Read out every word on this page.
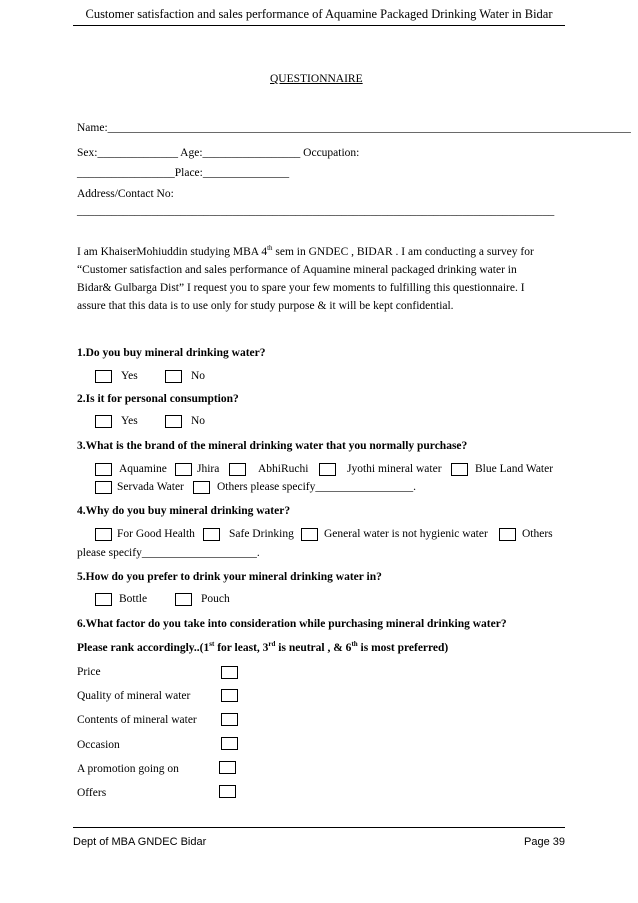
Customer satisfaction and sales performance of Aquamine Packaged Drinking Water in Bidar
QUESTIONNAIRE
Name:___________________________________________________________________________________________
Sex:______________ Age:_________________ Occupation:
_________________Place:_______________
Address/Contact No:
___________________________________________________________________________________
I am KhaiserMohiuddin studying MBA 4th sem in GNDEC , BIDAR . I am conducting a survey for
“Customer satisfaction and sales performance of Aquamine mineral packaged drinking water in
Bidar& Gulbarga Dist” I request you to spare your few moments to fulfilling this questionnaire. I
assure that this data is to use only for study purpose & it will be kept confidential.
1.Do you buy mineral drinking water?
Yes	No
2.Is it for personal consumption?
Yes	No
3.What is the brand of the mineral drinking water that you normally purchase?
Aquamine	Jhira	AbhiRuchi	Jyothi mineral water	Blue Land Water
Servada Water	Others please specify_________________.
4.Why do you buy mineral drinking water?
For Good Health	Safe Drinking	General water is not hygienic water	Others
please specify____________________.
5.How do you prefer to drink your mineral drinking water in?
Bottle	Pouch
6.What factor do you take into consideration while purchasing mineral drinking water?
Please rank accordingly..(1st for least, 3rd is neutral , & 6th is most preferred)
Price
Quality of mineral water
Contents of mineral water
Occasion
A promotion going on
Offers
Dept of MBA GNDEC Bidar	Page 39
